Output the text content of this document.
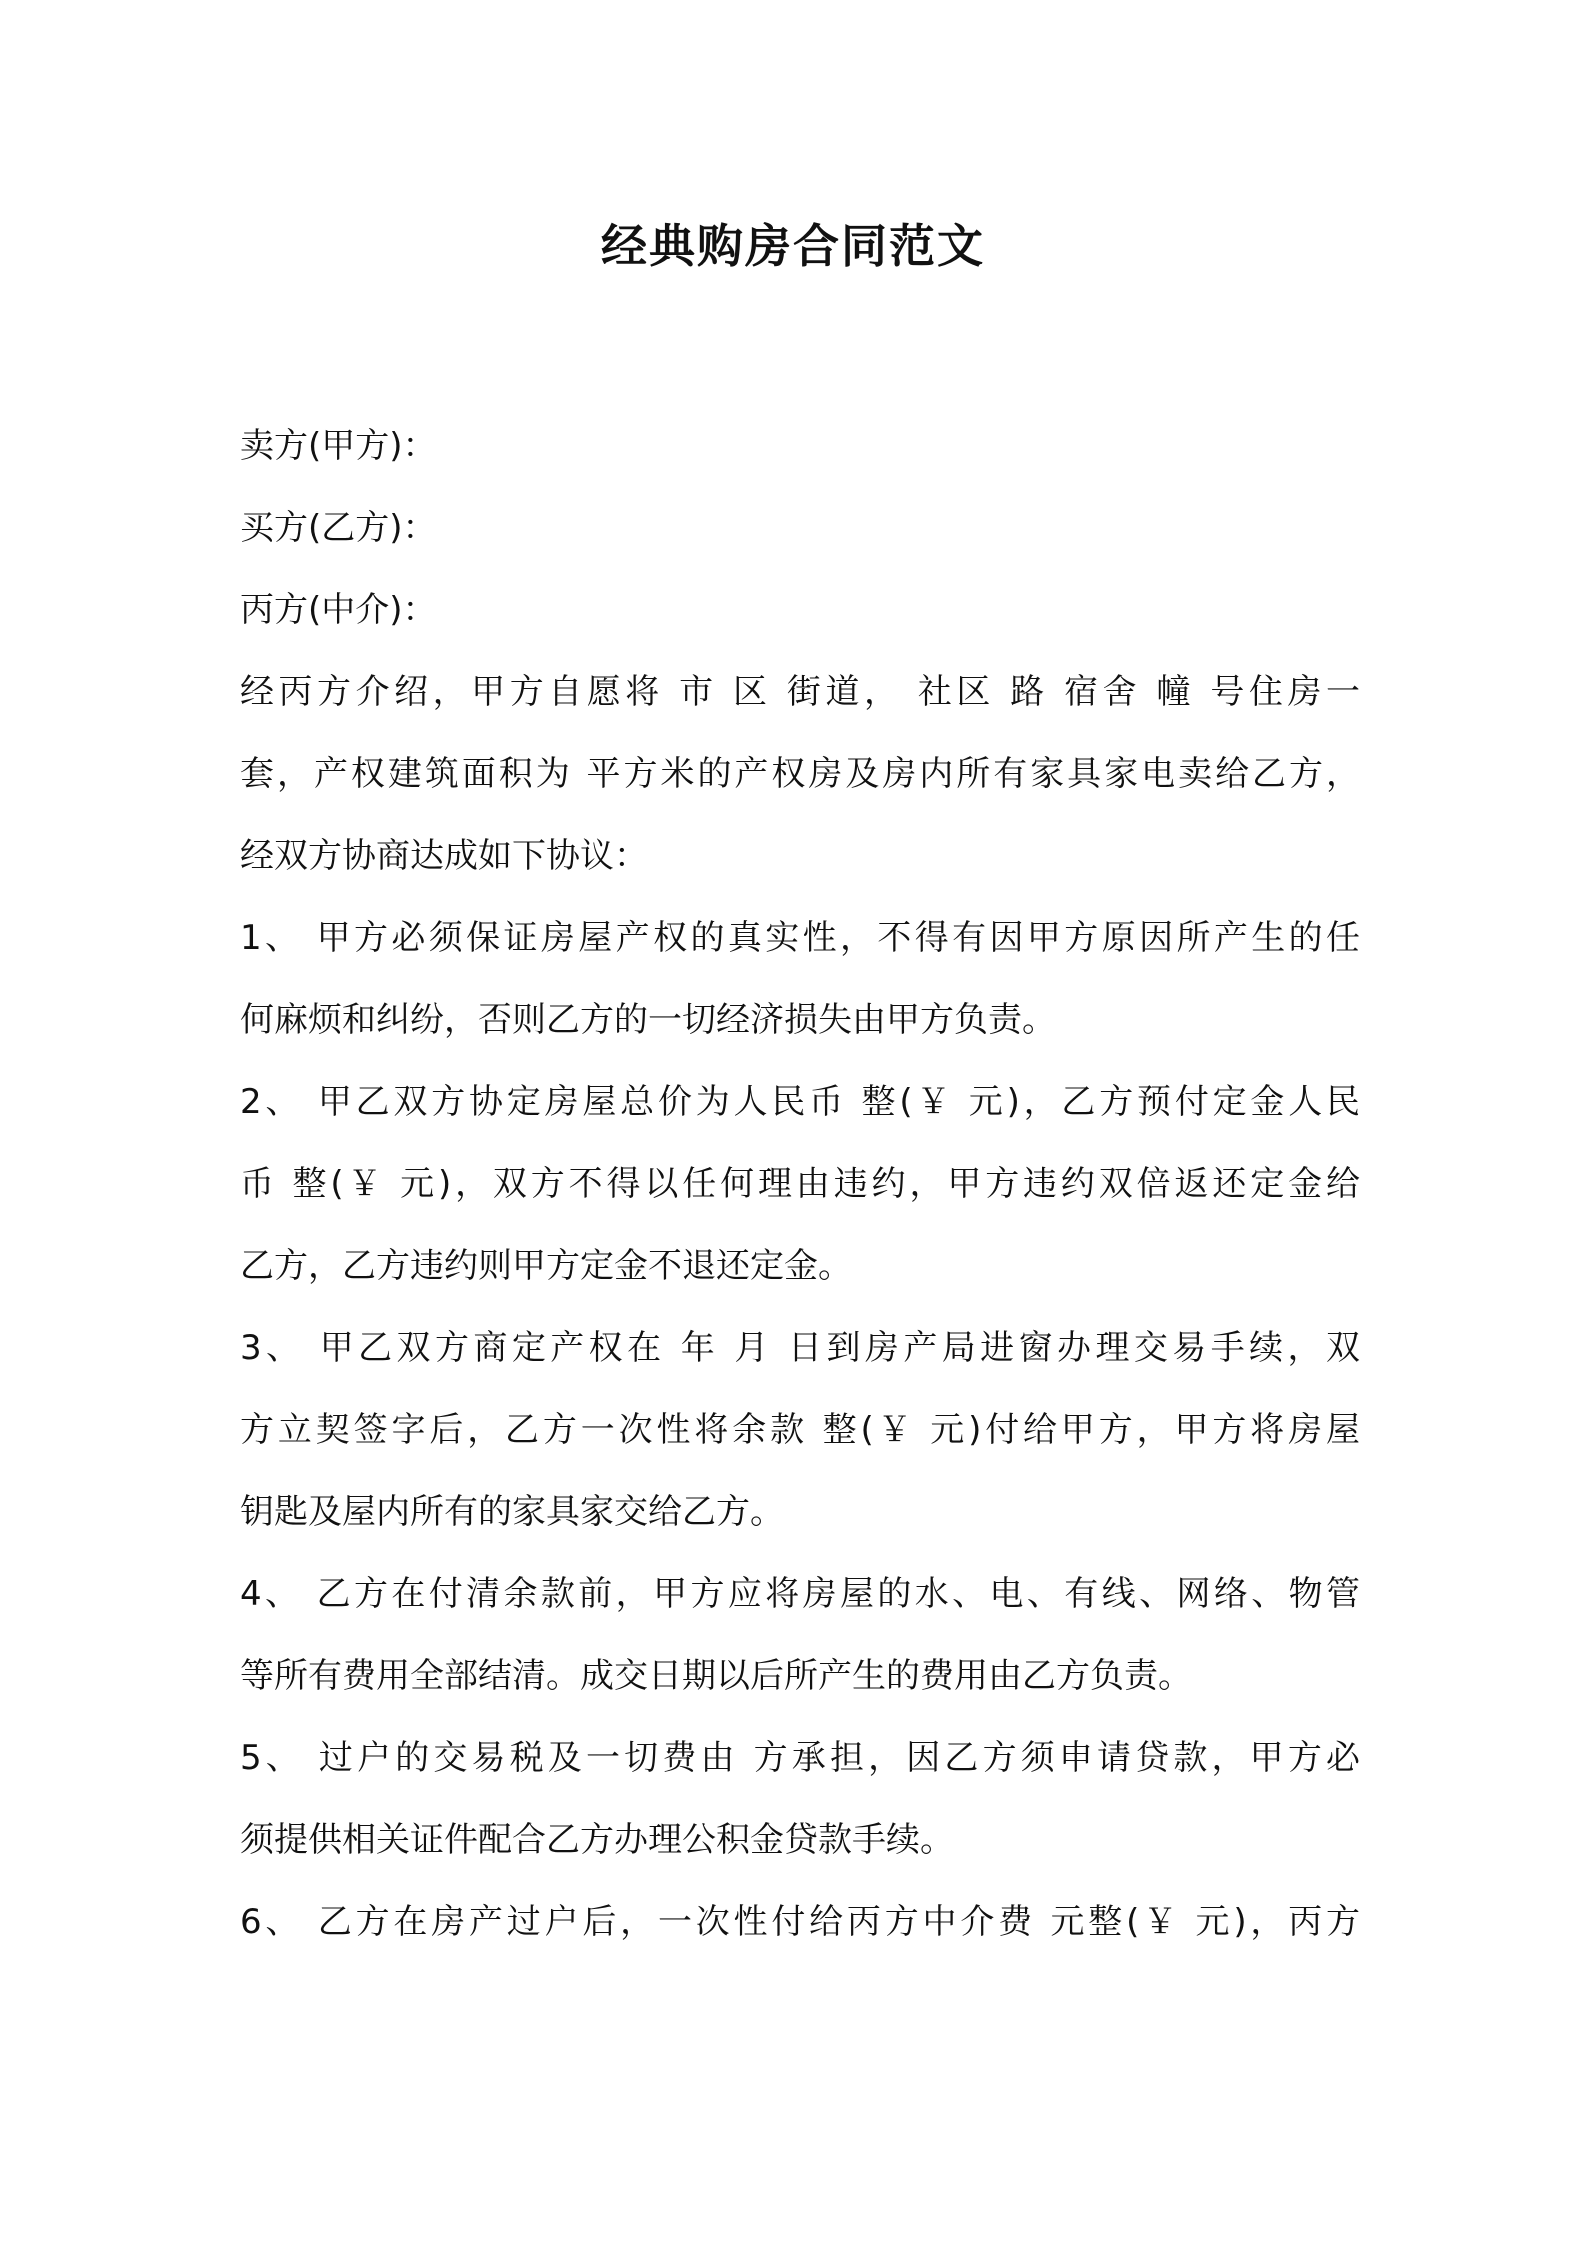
经典购房合同范文
卖方(甲方)：
买方(乙方)：
丙方(中介)：
经丙方介绍，甲方自愿将 市 区 街道， 社区 路 宿舍 幢 号住房一
套，产权建筑面积为 平方米的产权房及房内所有家具家电卖给乙方，
经双方协商达成如下协议：
1、 甲方必须保证房屋产权的真实性，不得有因甲方原因所产生的任
何麻烦和纠纷，否则乙方的一切经济损失由甲方负责。
2、 甲乙双方协定房屋总价为人民币 整(￥ 元)，乙方预付定金人民
币 整(￥ 元)，双方不得以任何理由违约，甲方违约双倍返还定金给
乙方，乙方违约则甲方定金不退还定金。
3、 甲乙双方商定产权在 年 月 日到房产局进窗办理交易手续，双
方立契签字后，乙方一次性将余款 整(￥ 元)付给甲方，甲方将房屋
钥匙及屋内所有的家具家交给乙方。
4、 乙方在付清余款前，甲方应将房屋的水、电、有线、网络、物管
等所有费用全部结清。成交日期以后所产生的费用由乙方负责。
5、 过户的交易税及一切费由 方承担，因乙方须申请贷款，甲方必
须提供相关证件配合乙方办理公积金贷款手续。
6、 乙方在房产过户后，一次性付给丙方中介费 元整(￥ 元)，丙方
